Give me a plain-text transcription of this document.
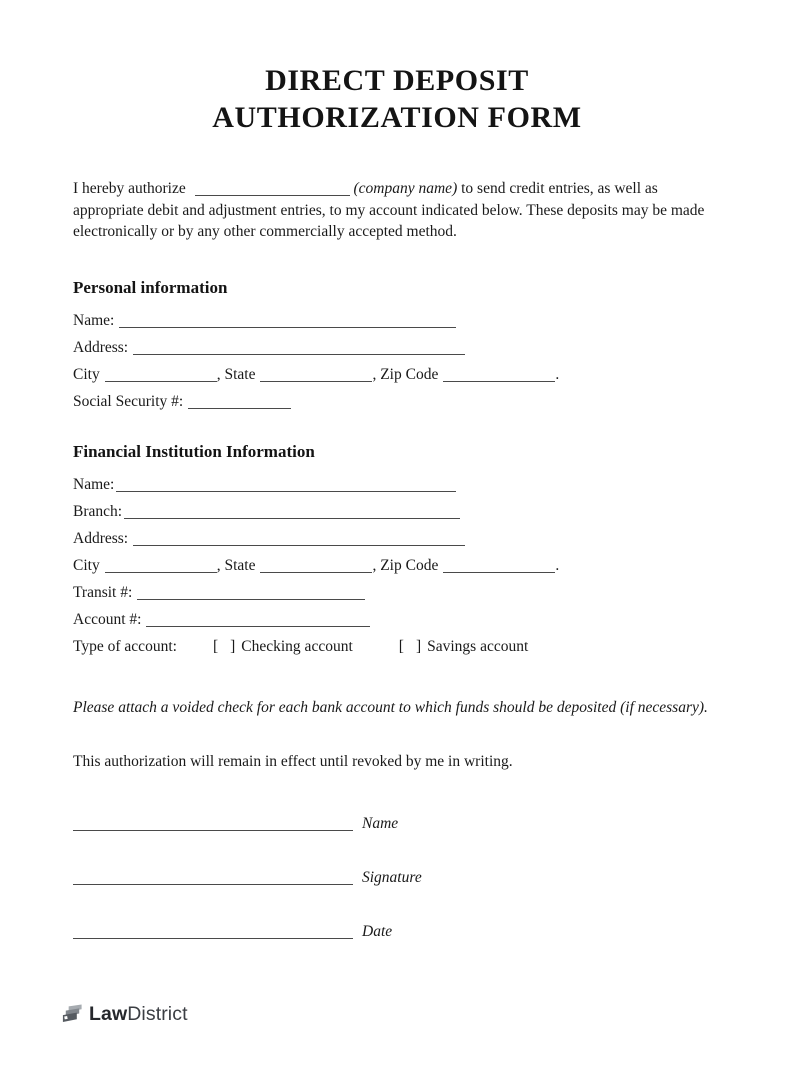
DIRECT DEPOSIT
AUTHORIZATION FORM

I hereby authorize	(company name) to send credit entries, as well as appropriate debit and adjustment entries, to my account indicated below. These deposits may be made electronically or by any other commercially accepted method.

Personal information
Name:
Address:
City	, State	, Zip Code	.
Social Security #:
Financial Institution Information
Name:
Branch:
Address:
City	, State	, Zip Code	.
Transit #:
Account #:
Type of account: [ ] Checking account	[ ] Savings account

Please attach a voided check for each bank account to which funds should be deposited (if necessary).

This authorization will remain in effect until revoked by me in writing.

Name
Signature
Date
Law District
